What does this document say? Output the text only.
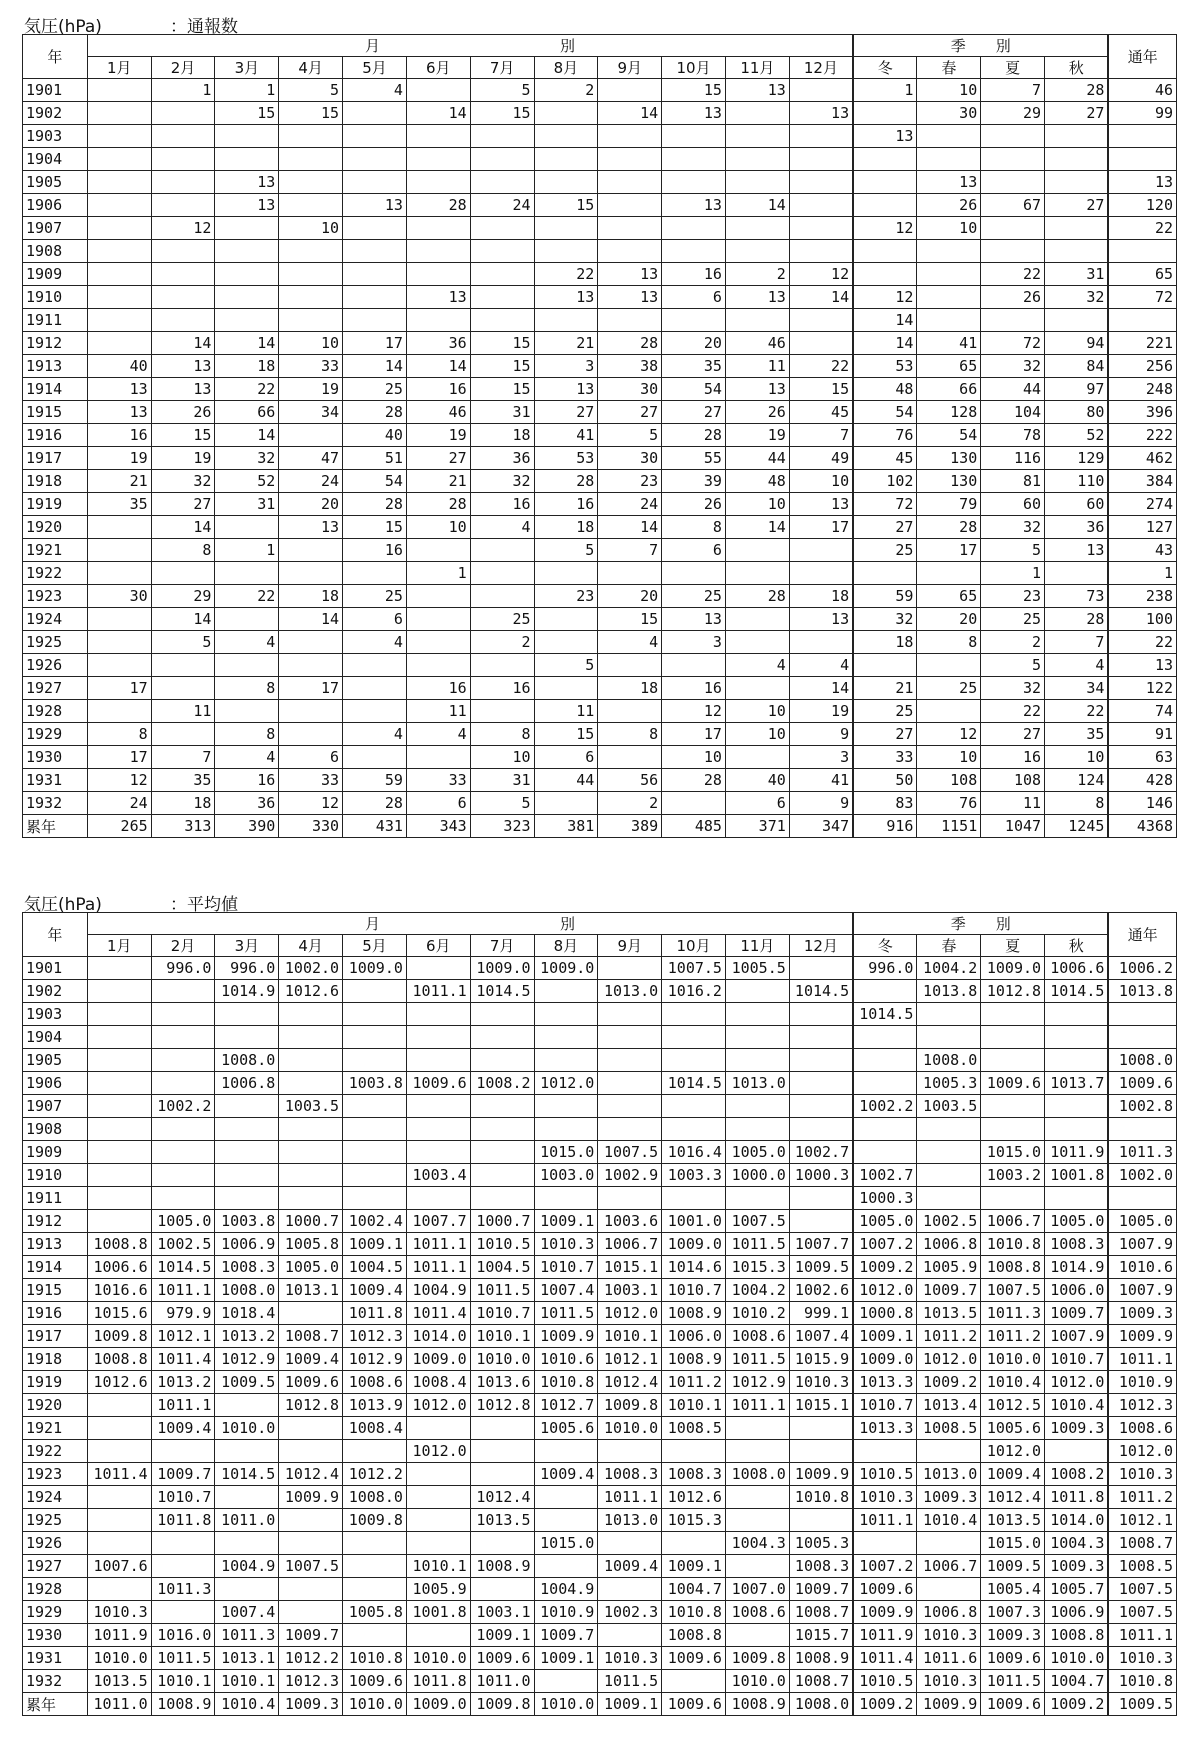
気圧(hPa)　　　　：通報数
年	月　　　　　　　　　　　　別												季　　別				通年
	1月	2月	3月	4月	5月	6月	7月	8月	9月	10月	11月	12月	冬	春	夏	秋	
1901		1	1	5	4		5	2		15	13		1	10	7	28	46
1902			15	15		14	15		14	13		13		30	29	27	99
1903													13				
1904																	
1905			13											13			13
1906			13		13	28	24	15		13	14			26	67	27	120
1907		12		10									12	10			22
1908																	
1909								22	13	16	2	12			22	31	65
1910						13		13	13	6	13	14	12		26	32	72
1911													14				
1912		14	14	10	17	36	15	21	28	20	46		14	41	72	94	221
1913	40	13	18	33	14	14	15	3	38	35	11	22	53	65	32	84	256
1914	13	13	22	19	25	16	15	13	30	54	13	15	48	66	44	97	248
1915	13	26	66	34	28	46	31	27	27	27	26	45	54	128	104	80	396
1916	16	15	14		40	19	18	41	5	28	19	7	76	54	78	52	222
1917	19	19	32	47	51	27	36	53	30	55	44	49	45	130	116	129	462
1918	21	32	52	24	54	21	32	28	23	39	48	10	102	130	81	110	384
1919	35	27	31	20	28	28	16	16	24	26	10	13	72	79	60	60	274
1920		14		13	15	10	4	18	14	8	14	17	27	28	32	36	127
1921		8	1		16			5	7	6			25	17	5	13	43
1922						1									1		1
1923	30	29	22	18	25			23	20	25	28	18	59	65	23	73	238
1924		14		14	6		25		15	13		13	32	20	25	28	100
1925		5	4		4		2		4	3			18	8	2	7	22
1926								5			4	4			5	4	13
1927	17		8	17		16	16		18	16		14	21	25	32	34	122
1928		11				11		11		12	10	19	25		22	22	74
1929	8		8		4	4	8	15	8	17	10	9	27	12	27	35	91
1930	17	7	4	6			10	6		10		3	33	10	16	10	63
1931	12	35	16	33	59	33	31	44	56	28	40	41	50	108	108	124	428
1932	24	18	36	12	28	6	5		2		6	9	83	76	11	8	146
累年	265	313	390	330	431	343	323	381	389	485	371	347	916	1151	1047	1245	4368
気圧(hPa)　　　　：平均値
年	月　　　　　　　　　　　　別												季　　別				通年
	1月	2月	3月	4月	5月	6月	7月	8月	9月	10月	11月	12月	冬	春	夏	秋	
1901		996.0	996.0	1002.0	1009.0		1009.0	1009.0		1007.5	1005.5		996.0	1004.2	1009.0	1006.6	1006.2
1902			1014.9	1012.6		1011.1	1014.5		1013.0	1016.2		1014.5		1013.8	1012.8	1014.5	1013.8
1903													1014.5				
1904																	
1905			1008.0											1008.0			1008.0
1906			1006.8		1003.8	1009.6	1008.2	1012.0		1014.5	1013.0			1005.3	1009.6	1013.7	1009.6
1907		1002.2		1003.5									1002.2	1003.5			1002.8
1908																	
1909								1015.0	1007.5	1016.4	1005.0	1002.7			1015.0	1011.9	1011.3
1910						1003.4		1003.0	1002.9	1003.3	1000.0	1000.3	1002.7		1003.2	1001.8	1002.0
1911													1000.3				
1912		1005.0	1003.8	1000.7	1002.4	1007.7	1000.7	1009.1	1003.6	1001.0	1007.5		1005.0	1002.5	1006.7	1005.0	1005.0
1913	1008.8	1002.5	1006.9	1005.8	1009.1	1011.1	1010.5	1010.3	1006.7	1009.0	1011.5	1007.7	1007.2	1006.8	1010.8	1008.3	1007.9
1914	1006.6	1014.5	1008.3	1005.0	1004.5	1011.1	1004.5	1010.7	1015.1	1014.6	1015.3	1009.5	1009.2	1005.9	1008.8	1014.9	1010.6
1915	1016.6	1011.1	1008.0	1013.1	1009.4	1004.9	1011.5	1007.4	1003.1	1010.7	1004.2	1002.6	1012.0	1009.7	1007.5	1006.0	1007.9
1916	1015.6	979.9	1018.4		1011.8	1011.4	1010.7	1011.5	1012.0	1008.9	1010.2	999.1	1000.8	1013.5	1011.3	1009.7	1009.3
1917	1009.8	1012.1	1013.2	1008.7	1012.3	1014.0	1010.1	1009.9	1010.1	1006.0	1008.6	1007.4	1009.1	1011.2	1011.2	1007.9	1009.9
1918	1008.8	1011.4	1012.9	1009.4	1012.9	1009.0	1010.0	1010.6	1012.1	1008.9	1011.5	1015.9	1009.0	1012.0	1010.0	1010.7	1011.1
1919	1012.6	1013.2	1009.5	1009.6	1008.6	1008.4	1013.6	1010.8	1012.4	1011.2	1012.9	1010.3	1013.3	1009.2	1010.4	1012.0	1010.9
1920		1011.1		1012.8	1013.9	1012.0	1012.8	1012.7	1009.8	1010.1	1011.1	1015.1	1010.7	1013.4	1012.5	1010.4	1012.3
1921		1009.4	1010.0		1008.4			1005.6	1010.0	1008.5			1013.3	1008.5	1005.6	1009.3	1008.6
1922						1012.0									1012.0		1012.0
1923	1011.4	1009.7	1014.5	1012.4	1012.2			1009.4	1008.3	1008.3	1008.0	1009.9	1010.5	1013.0	1009.4	1008.2	1010.3
1924		1010.7		1009.9	1008.0		1012.4		1011.1	1012.6		1010.8	1010.3	1009.3	1012.4	1011.8	1011.2
1925		1011.8	1011.0		1009.8		1013.5		1013.0	1015.3			1011.1	1010.4	1013.5	1014.0	1012.1
1926								1015.0			1004.3	1005.3			1015.0	1004.3	1008.7
1927	1007.6		1004.9	1007.5		1010.1	1008.9		1009.4	1009.1		1008.3	1007.2	1006.7	1009.5	1009.3	1008.5
1928		1011.3				1005.9		1004.9		1004.7	1007.0	1009.7	1009.6		1005.4	1005.7	1007.5
1929	1010.3		1007.4		1005.8	1001.8	1003.1	1010.9	1002.3	1010.8	1008.6	1008.7	1009.9	1006.8	1007.3	1006.9	1007.5
1930	1011.9	1016.0	1011.3	1009.7			1009.1	1009.7		1008.8		1015.7	1011.9	1010.3	1009.3	1008.8	1011.1
1931	1010.0	1011.5	1013.1	1012.2	1010.8	1010.0	1009.6	1009.1	1010.3	1009.6	1009.8	1008.9	1011.4	1011.6	1009.6	1010.0	1010.3
1932	1013.5	1010.1	1010.1	1012.3	1009.6	1011.8	1011.0		1011.5		1010.0	1008.7	1010.5	1010.3	1011.5	1004.7	1010.8
累年	1011.0	1008.9	1010.4	1009.3	1010.0	1009.0	1009.8	1010.0	1009.1	1009.6	1008.9	1008.0	1009.2	1009.9	1009.6	1009.2	1009.5
